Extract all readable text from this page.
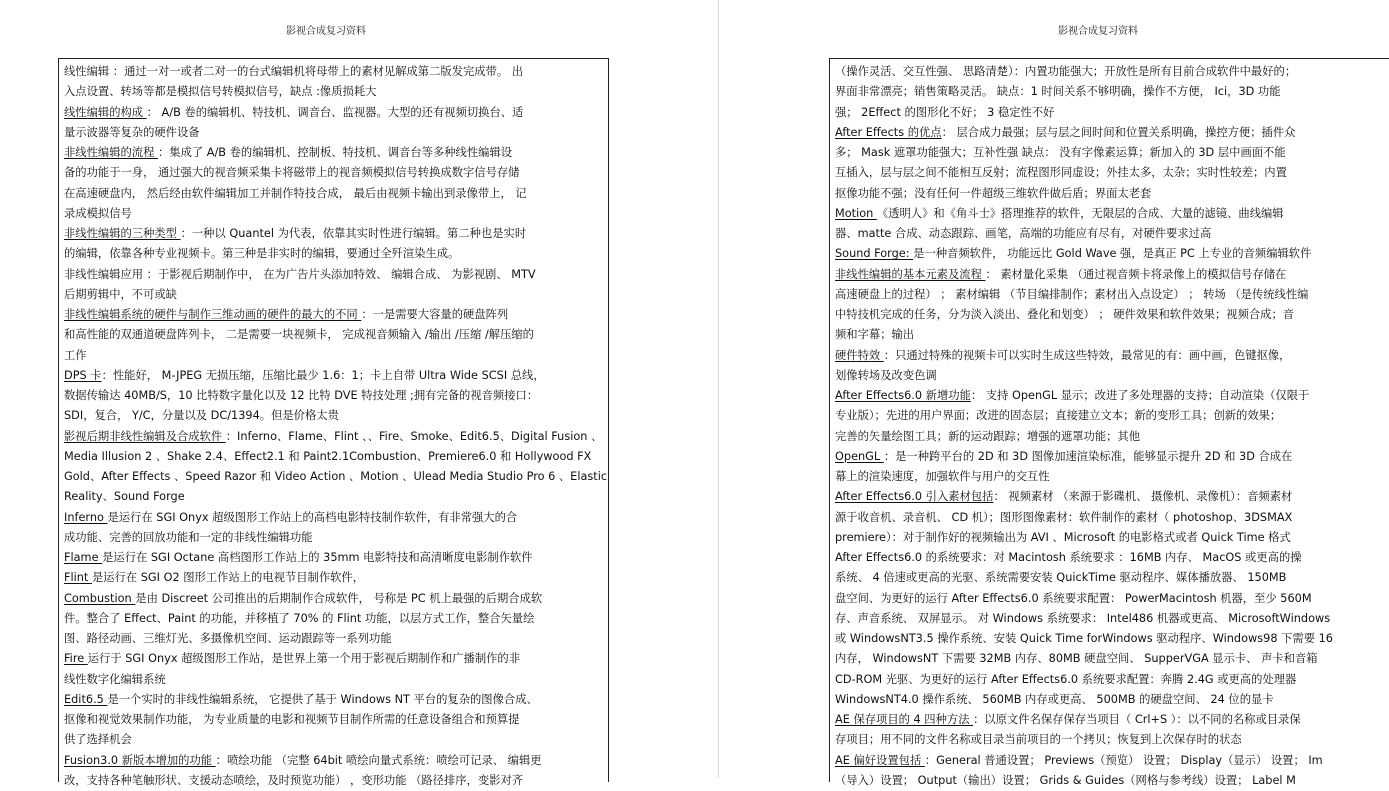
影视合成复习资料
线性编辑 ：通过一对一或者二对一的台式编辑机将母带上的素材见解成第二版发完成带。 出
入点设置、转场等都是模拟信号转模拟信号，缺点 :像质损耗大
线性编辑的构成 ： A/B 卷的编辑机、特技机、调音台、监视器。大型的还有视频切换台、适
量示波器等复杂的硬件设备
非线性编辑的流程 ：集成了 A/B 卷的编辑机、控制板、特技机、调音台等多种线性编辑设
备的功能于一身， 通过强大的视音频采集卡将磁带上的视音频模拟信号转换成数字信号存储
在高速硬盘内， 然后经由软件编辑加工并制作特技合成， 最后由视频卡输出到录像带上， 记
录成模拟信号
非线性编辑的三种类型 ：一种以 Quantel 为代表，依靠其实时性进行编辑。第二种也是实时
的编辑，依靠各种专业视频卡。第三种是非实时的编辑，要通过全歼渲染生成。
非线性编辑应用 ：于影视后期制作中， 在为广告片头添加特效、 编辑合成、 为影视剧、 MTV
后期剪辑中，不可或缺
非线性编辑系统的硬件与制作三维动画的硬件的最大的不同 ：一是需要大容量的硬盘阵列
和高性能的双通道硬盘阵列卡， 二是需要一块视频卡， 完成视音频输入 /输出 /压缩 /解压缩的
工作
DPS 卡：性能好， M-JPEG 无损压缩，压缩比最少 1.6：1；卡上自带 Ultra Wide SCSI 总线，
数据传输达 40MB/S，10 比特数字量化以及 12 比特 DVE 特技处理 ;拥有完备的视音频接口：
SDI，复合， Y/C，分量以及 DC/1394。但是价格太贵
影视后期非线性编辑及合成软件 ：Inferno、Flame、Flint 、、Fire、Smoke、Edit6.5、Digital Fusion 、
Media Illusion 2 、Shake 2.4、Effect2.1 和 Paint2.1Combustion、Premiere6.0 和 Hollywood FX
Gold、After Effects 、Speed Razor 和 Video Action 、Motion 、Ulead Media Studio Pro 6 、Elastic
Reality、Sound Forge
Inferno 是运行在 SGI Onyx 超级图形工作站上的高档电影特技制作软件，有非常强大的合
成功能、完善的回放功能和一定的非线性编辑功能
Flame 是运行在 SGI Octane 高档图形工作站上的 35mm 电影特技和高清晰度电影制作软件
Flint 是运行在 SGI O2 图形工作站上的电视节目制作软件，
Combustion 是由 Discreet 公司推出的后期制作合成软件， 号称是 PC 机上最强的后期合成软
件。整合了 Effect、Paint 的功能，并移植了 70% 的 Flint 功能，以层方式工作，整合矢量绘
图、路径动画、三维灯光、多摄像机空间、运动跟踪等一系列功能
Fire 运行于 SGI Onyx 超级图形工作站，是世界上第一个用于影视后期制作和广播制作的非
线性数字化编辑系统
Edit6.5 是一个实时的非线性编辑系统， 它提供了基于 Windows NT 平台的复杂的图像合成、
抠像和视觉效果制作功能， 为专业质量的电影和视频节目制作所需的任意设备组合和预算提
供了选择机会
Fusion3.0 新版本增加的功能 ：喷绘功能 （完整 64bit 喷绘向量式系统：喷绘可记录、 编辑更
改，支持各种笔触形状、支援动态喷绘，及时预览功能） ，变形功能 （路径排序，变影对齐
影视合成复习资料
（操作灵活、交互性强、 思路清楚）：内置功能强大；开放性是所有目前合成软件中最好的；
界面非常漂亮；销售策略灵活。 缺点：1 时间关系不够明确，操作不方便， Ici，3D 功能
强； 2Effect 的图形化不好； 3 稳定性不好
After Effects 的优点： 层合成力最强；层与层之间时间和位置关系明确，操控方便；插件众
多； Mask 遮罩功能强大；互补性强 缺点： 没有字像素运算；新加入的 3D 层中画面不能
互插入，层与层之间不能相互反射；流程图形同虚设；外挂太多，太杂；实时性较差；内置
抠像功能不强；没有任何一件超级三维软件做后盾；界面太老套
Motion 《透明人》和《角斗士》搭理推荐的软件，无限层的合成、大量的滤镜、曲线编辑
器、matte 合成、动态跟踪、画笔，高端的功能应有尽有，对硬件要求过高
Sound Forge: 是一种音频软件， 功能远比 Gold Wave 强，是真正 PC 上专业的音频编辑软件
非线性编辑的基本元素及流程 ： 素材量化采集 （通过视音频卡将录像上的模拟信号存储在
高速硬盘上的过程） ； 素材编辑 （节目编排制作；素材出入点设定） ； 转场 （是传统线性编
中特技机完成的任务，分为淡入淡出、叠化和划变） ； 硬件效果和软件效果；视频合成；音
频和字幕；输出
硬件特效 ：只通过特殊的视频卡可以实时生成这些特效，最常见的有：画中画，色键抠像，
划像转场及改变色调
After Effects6.0 新增功能： 支持 OpenGL 显示；改进了多处理器的支持；自动渲染（仅限于
专业版）；先进的用户界面；改进的固态层；直接建立文本；新的变形工具；创新的效果；
完善的矢量绘图工具；新的运动跟踪；增强的遮罩功能；其他
OpenGL ：是一种跨平台的 2D 和 3D 图像加速渲染标准，能够显示提升 2D 和 3D 合成在
幕上的渲染速度，加强软件与用户的交互性
After Effects6.0 引入素材包括： 视频素材 （来源于影碟机、 摄像机、录像机）：音频素材
源于收音机、录音机、 CD 机）；图形图像素材：软件制作的素材（ photoshop、3DSMAX
premiere）：对于制作好的视频输出为 AVI 、Microsoft 的电影格式或者 Quick Time 格式
After Effects6.0 的系统要求：对 Macintosh 系统要求 ：16MB 内存、 MacOS 或更高的操
系统、 4 倍速或更高的光驱、系统需要安装 QuickTime 驱动程序、媒体播放器、 150MB
盘空间、为更好的运行 After Effects6.0 系统要求配置： PowerMacintosh 机器，至少 560M
存、声音系统、 双屏显示。 对 Windows 系统要求： Intel486 机器或更高、 MicrosoftWindows
或 WindowsNT3.5 操作系统、安装 Quick Time forWindows 驱动程序、Windows98 下需要 16
内存， WindowsNT 下需要 32MB 内存、80MB 硬盘空间、 SupperVGA 显示卡、 声卡和音箱
CD-ROM 光驱、为更好的运行 After Effects6.0 系统要求配置：奔腾 2.4G 或更高的处理器
WindowsNT4.0 操作系统、 560MB 内存或更高、 500MB 的硬盘空间、 24 位的显卡
AE 保存项目的 4 四种方法 ：以原文件名保存保存当项目（ Crl+S ）：以不同的名称或目录保
存项目；用不同的文件名称或目录当前项目的一个拷贝；恢复到上次保存时的状态
AE 偏好设置包括 ：General 普通设置； Previews（预览） 设置； Display（显示） 设置； Im
（导入）设置； Output（输出）设置； Grids & Guides（网格与参考线）设置； Label M
